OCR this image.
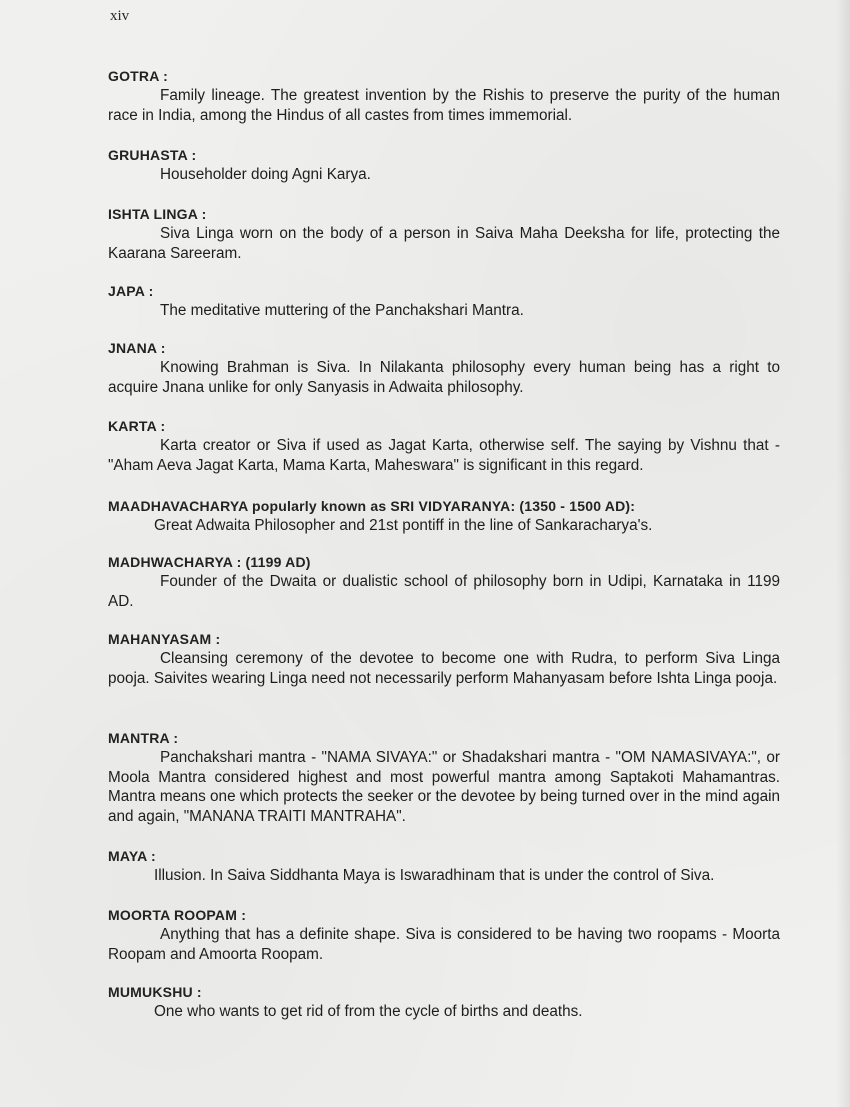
xiv
GOTRA :
Family lineage. The greatest invention by the Rishis to preserve the purity of the human race in India, among the Hindus of all castes from times immemorial.
GRUHASTA :
Householder doing Agni Karya.
ISHTA LINGA :
Siva Linga worn on the body of a person in Saiva Maha Deeksha for life, protecting the Kaarana Sareeram.
JAPA :
The meditative muttering of the Panchakshari Mantra.
JNANA :
Knowing Brahman is Siva. In Nilakanta philosophy every human being has a right to acquire Jnana unlike for only Sanyasis in Adwaita philosophy.
KARTA :
Karta creator or Siva if used as Jagat Karta, otherwise self. The saying by Vishnu that - "Aham Aeva Jagat Karta, Mama Karta, Maheswara" is significant in this regard.
MAADHAVACHARYA popularly known as SRI VIDYARANYA: (1350 - 1500 AD):
Great Adwaita Philosopher and 21st pontiff in the line of Sankaracharya's.
MADHWACHARYA : (1199 AD)
Founder of the Dwaita or dualistic school of philosophy born in Udipi, Karnataka in 1199 AD.
MAHANYASAM :
Cleansing ceremony of the devotee to become one with Rudra, to perform Siva Linga pooja. Saivites wearing Linga need not necessarily perform Mahanyasam before Ishta Linga pooja.
MANTRA :
Panchakshari mantra - "NAMA SIVAYA:" or Shadakshari mantra - "OM NAMASIVAYA:", or Moola Mantra considered highest and most powerful mantra among Saptakoti Mahamantras. Mantra means one which protects the seeker or the devotee by being turned over in the mind again and again, "MANANA TRAITI MANTRAHA".
MAYA :
Illusion. In Saiva Siddhanta Maya is Iswaradhinam that is under the control of Siva.
MOORTA ROOPAM :
Anything that has a definite shape. Siva is considered to be having two roopams - Moorta Roopam and Amoorta Roopam.
MUMUKSHU :
One who wants to get rid of from the cycle of births and deaths.
